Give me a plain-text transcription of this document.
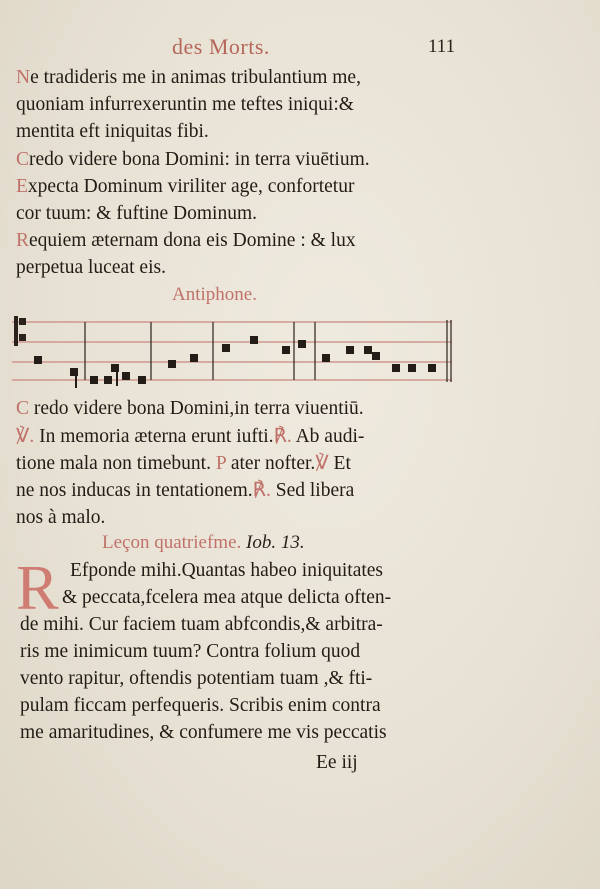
des Morts.	111
Ne tradideris me in animas tribulantium me,
quoniam infurrexeruntin me teftes iniqui:&
mentita eft iniquitas fibi.
Credo videre bona Domini: in terra viuētium.
Expecta Dominum viriliter age, confortetur
cor tuum: & fuftine Dominum.
Requiem æternam dona eis Domine : & lux
perpetua luceat eis.
Antiphone.
C redo videre bona Domini,in terra viuentiū.
℣. In memoria æterna erunt iufti.℟. Ab audi-
tione mala non timebunt. P ater nofter.℣ Et
ne nos inducas in tentationem.℟. Sed libera
nos à malo.
Leçon quatriefme. Iob. 13.
R Efponde mihi.Quantas habeo iniquitates
& peccata,fcelera mea atque delicta often-
de mihi. Cur faciem tuam abfcondis,& arbitra-
ris me inimicum tuum? Contra folium quod
vento rapitur, oftendis potentiam tuam ,& fti-
pulam ficcam perfequeris. Scribis enim contra
me amaritudines, & confumere me vis peccatis
Ee iij
